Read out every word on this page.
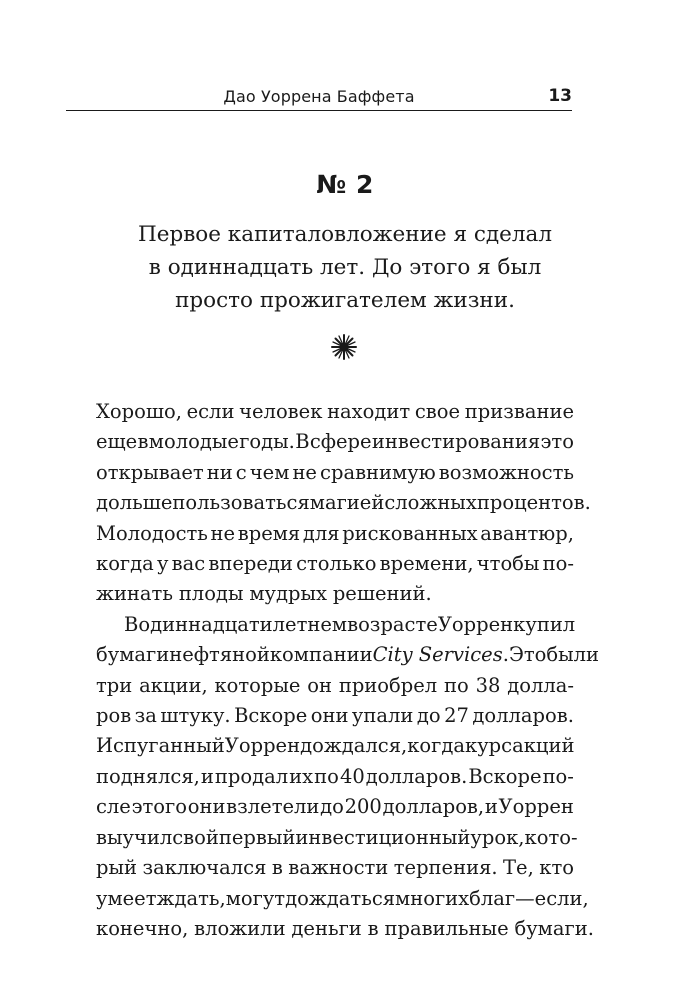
Дао Уоррена Баффета	13
№ 2
Первое капиталовложение я сделал
в одиннадцать лет. До этого я был
просто прожигателем жизни.
Хорошо, если человек находит свое призвание
еще в молодые годы. В сфере инвестирования это
открывает ни с чем не сравнимую возможность
дольше пользоваться магией сложных процентов.
Молодость не время для рискованных авантюр,
когда у вас впереди столько времени, чтобы по-
жинать плоды мудрых решений.
В одиннадцатилетнем возрасте Уоррен купил
бумаги нефтяной компании City Services. Это были
три акции, которые он приобрел по 38 долла-
ров за штуку. Вскоре они упали до 27 долларов.
Испуганный Уоррен дождался, когда курс акций
поднялся, и продал их по 40 долларов. Вскоре по-
сле этого они взлетели до 200 долларов, и Уоррен
выучил свой первый инвестиционный урок, кото-
рый заключался в важности терпения. Те, кто
умеет ждать, могут дождаться многих благ — если,
конечно, вложили деньги в правильные бумаги.
